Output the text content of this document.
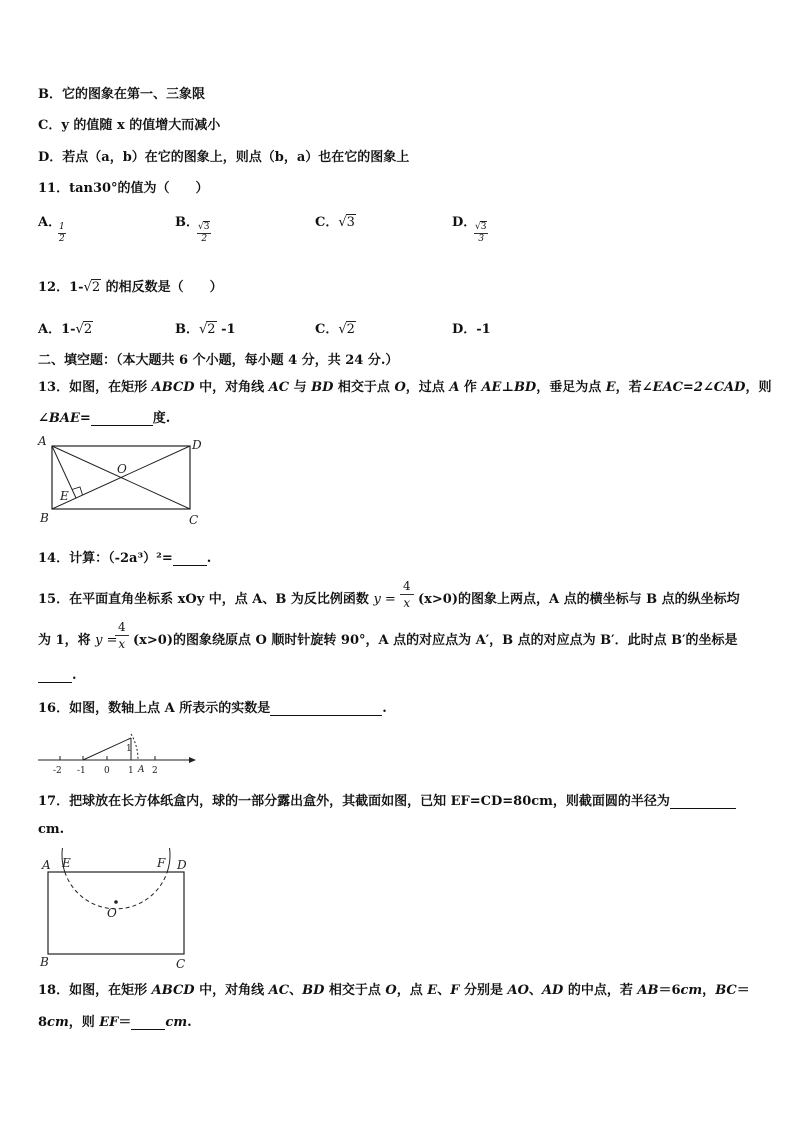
B．它的图象在第一、三象限
C．y 的值随 x 的值增大而减小
D．若点（a，b）在它的图象上，则点（b，a）也在它的图象上
11．tan30°的值为（　　）
A．
$\frac{1}{2}$	B．
$\frac{√3}{2}$	C．√3	D．
$\frac{√3}{3}$
12．1-√2 的相反数是（　　）
A．1-√2	B．√2 -1	C．√2	D．-1
二、填空题：（本大题共 6 个小题，每小题 4 分，共 24 分.）
13．如图，在矩形 ABCD 中，对角线 AC 与 BD 相交于点 O，过点 A 作 AE⊥BD，垂足为点 E，若∠EAC=2∠CAD，则
∠BAE=	度.
A
B	C
D
O
E
14．计算：（-2a³）²=	.
15．在平面直角坐标系 xOy 中，点 A、B 为反比例函数 $y = \frac{4}{x} (x>0)$的图象上两点，A 点的横坐标与 B 点的纵坐标均
为 1，将 y =
$\frac{4}{x} (x>0)$的图象绕原点 O 顺时针旋转 90°，A 点的对应点为 A′，B 点的对应点为 B′．此时点 B′的坐标是
.
16．如图，数轴上点 A 所表示的实数是	.
1
-2 -1 0 1 A 2
17．把球放在长方体纸盒内，球的一部分露出盒外，其截面如图，已知 EF=CD=80cm，则截面圆的半径为
cm.
A E	F D
O
B	C
18．如图，在矩形 ABCD 中，对角线 AC、BD 相交于点 O，点 E、F 分别是 AO、AD 的中点，若 AB＝6cm，BC＝
8cm，则 EF＝	cm.
